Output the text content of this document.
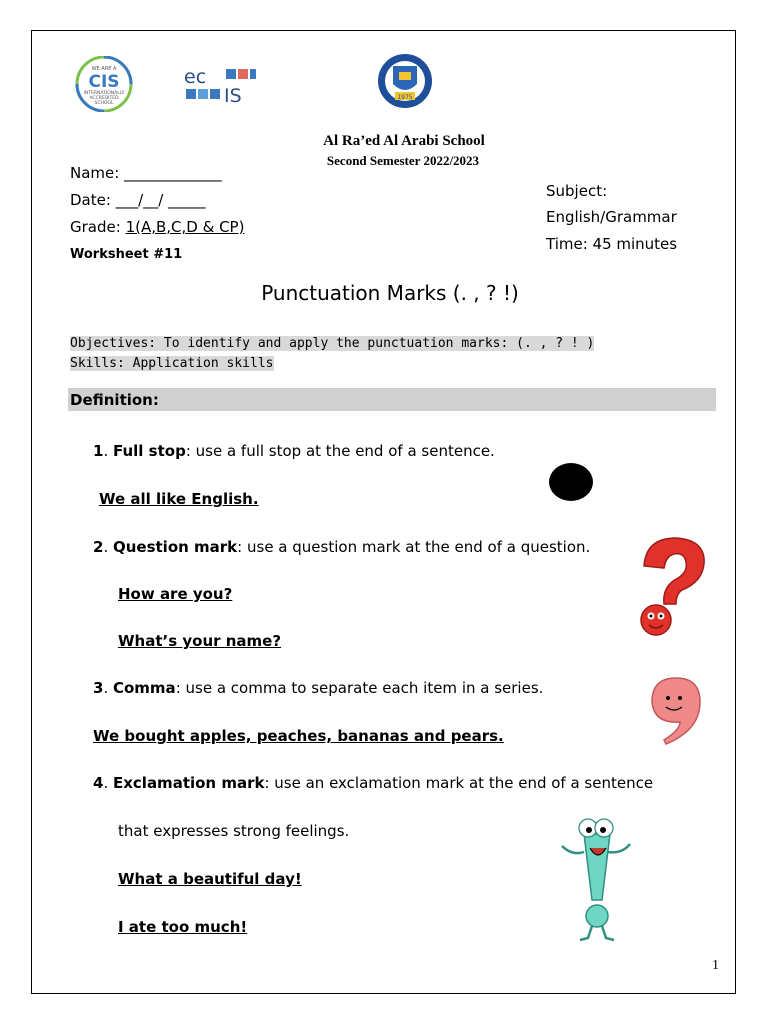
WE ARE A
CIS
INTERNATIONALLY
ACCREDITED
SCHOOL
ec
IS	1975
Al Ra’ed Al Arabi School
Second Semester 2022/2023
Name: _____________
Date: ___/__/ _____
Grade: 1(A,B,C,D & CP)
Worksheet #11
Subject:
English/Grammar
Time: 45 minutes
Punctuation Marks (. , ? !)
Objectives: To identify and apply the punctuation marks: (. , ? ! )
Skills: Application skills
Definition:
1. Full stop: use a full stop at the end of a sentence.
We all like English.
2. Question mark: use a question mark at the end of a question.
How are you?
What’s your name?
3. Comma: use a comma to separate each item in a series.
We bought apples, peaches, bananas and pears.
4. Exclamation mark: use an exclamation mark at the end of a sentence
that expresses strong feelings.
What a beautiful day!
I ate too much!
1
